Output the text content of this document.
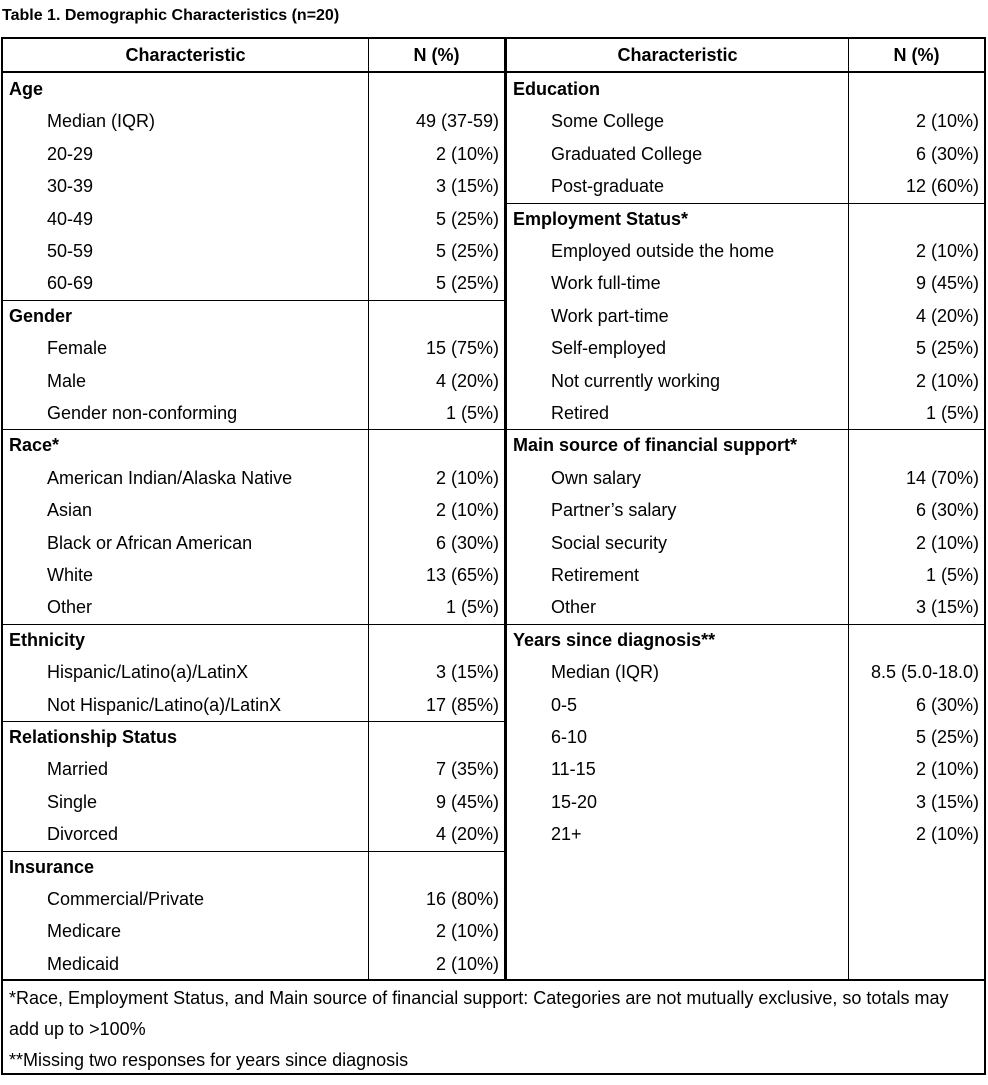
Table 1. Demographic Characteristics (n=20)
Characteristic	N (%)
Age
Median (IQR)	49 (37-59)
20-29	2 (10%)
30-39	3 (15%)
40-49	5 (25%)
50-59	5 (25%)
60-69	5 (25%)
Gender
Female	15 (75%)
Male	4 (20%)
Gender non-conforming	1 (5%)
Race*
American Indian/Alaska Native	2 (10%)
Asian	2 (10%)
Black or African American	6 (30%)
White	13 (65%)
Other	1 (5%)
Ethnicity
Hispanic/Latino(a)/LatinX	3 (15%)
Not Hispanic/Latino(a)/LatinX	17 (85%)
Relationship Status
Married	7 (35%)
Single	9 (45%)
Divorced	4 (20%)
Insurance
Commercial/Private	16 (80%)
Medicare	2 (10%)
Medicaid	2 (10%)
Characteristic	N (%)
Education
Some College	2 (10%)
Graduated College	6 (30%)
Post-graduate	12 (60%)
Employment Status*
Employed outside the home	2 (10%)
Work full-time	9 (45%)
Work part-time	4 (20%)
Self-employed	5 (25%)
Not currently working	2 (10%)
Retired	1 (5%)
Main source of financial support*
Own salary	14 (70%)
Partner’s salary	6 (30%)
Social security	2 (10%)
Retirement	1 (5%)
Other	3 (15%)
Years since diagnosis**
Median (IQR)	8.5 (5.0-18.0)
0-5	6 (30%)
6-10	5 (25%)
11-15	2 (10%)
15-20	3 (15%)
21+	2 (10%)

*Race, Employment Status, and Main source of financial support: Categories are not mutually exclusive, so totals may add up to >100%

**Missing two responses for years since diagnosis
